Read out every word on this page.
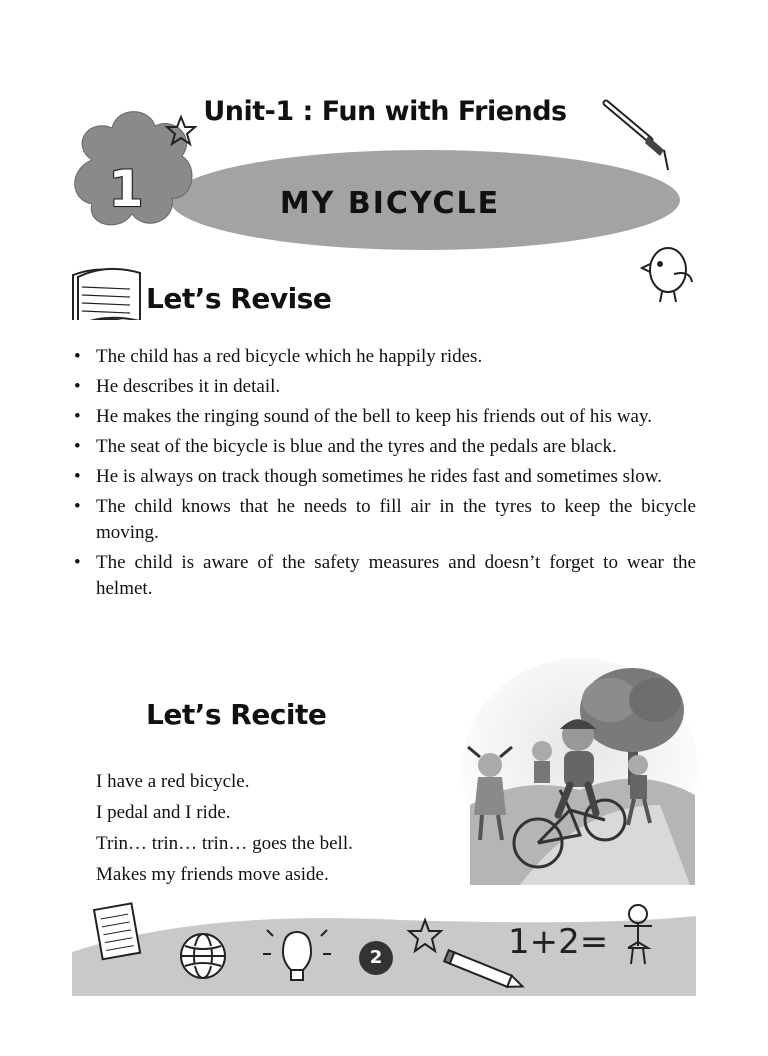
Unit-1 : Fun with Friends
1	MY BICYCLE
Let’s Revise
• The child has a red bicycle which he happily rides.
• He describes it in detail.
• He makes the ringing sound of the bell to keep his friends out of his way.
• The seat of the bicycle is blue and the tyres and the pedals are black.
• He is always on track though sometimes he rides fast and sometimes slow.
• The child knows that he needs to fill air in the tyres to keep the bicycle moving.
• The child is aware of the safety measures and doesn’t forget to wear the helmet.
Let’s Recite
I have a red bicycle.
I pedal and I ride.
Trin… trin… trin… goes the bell.
Makes my friends move aside.
2	1+2=
